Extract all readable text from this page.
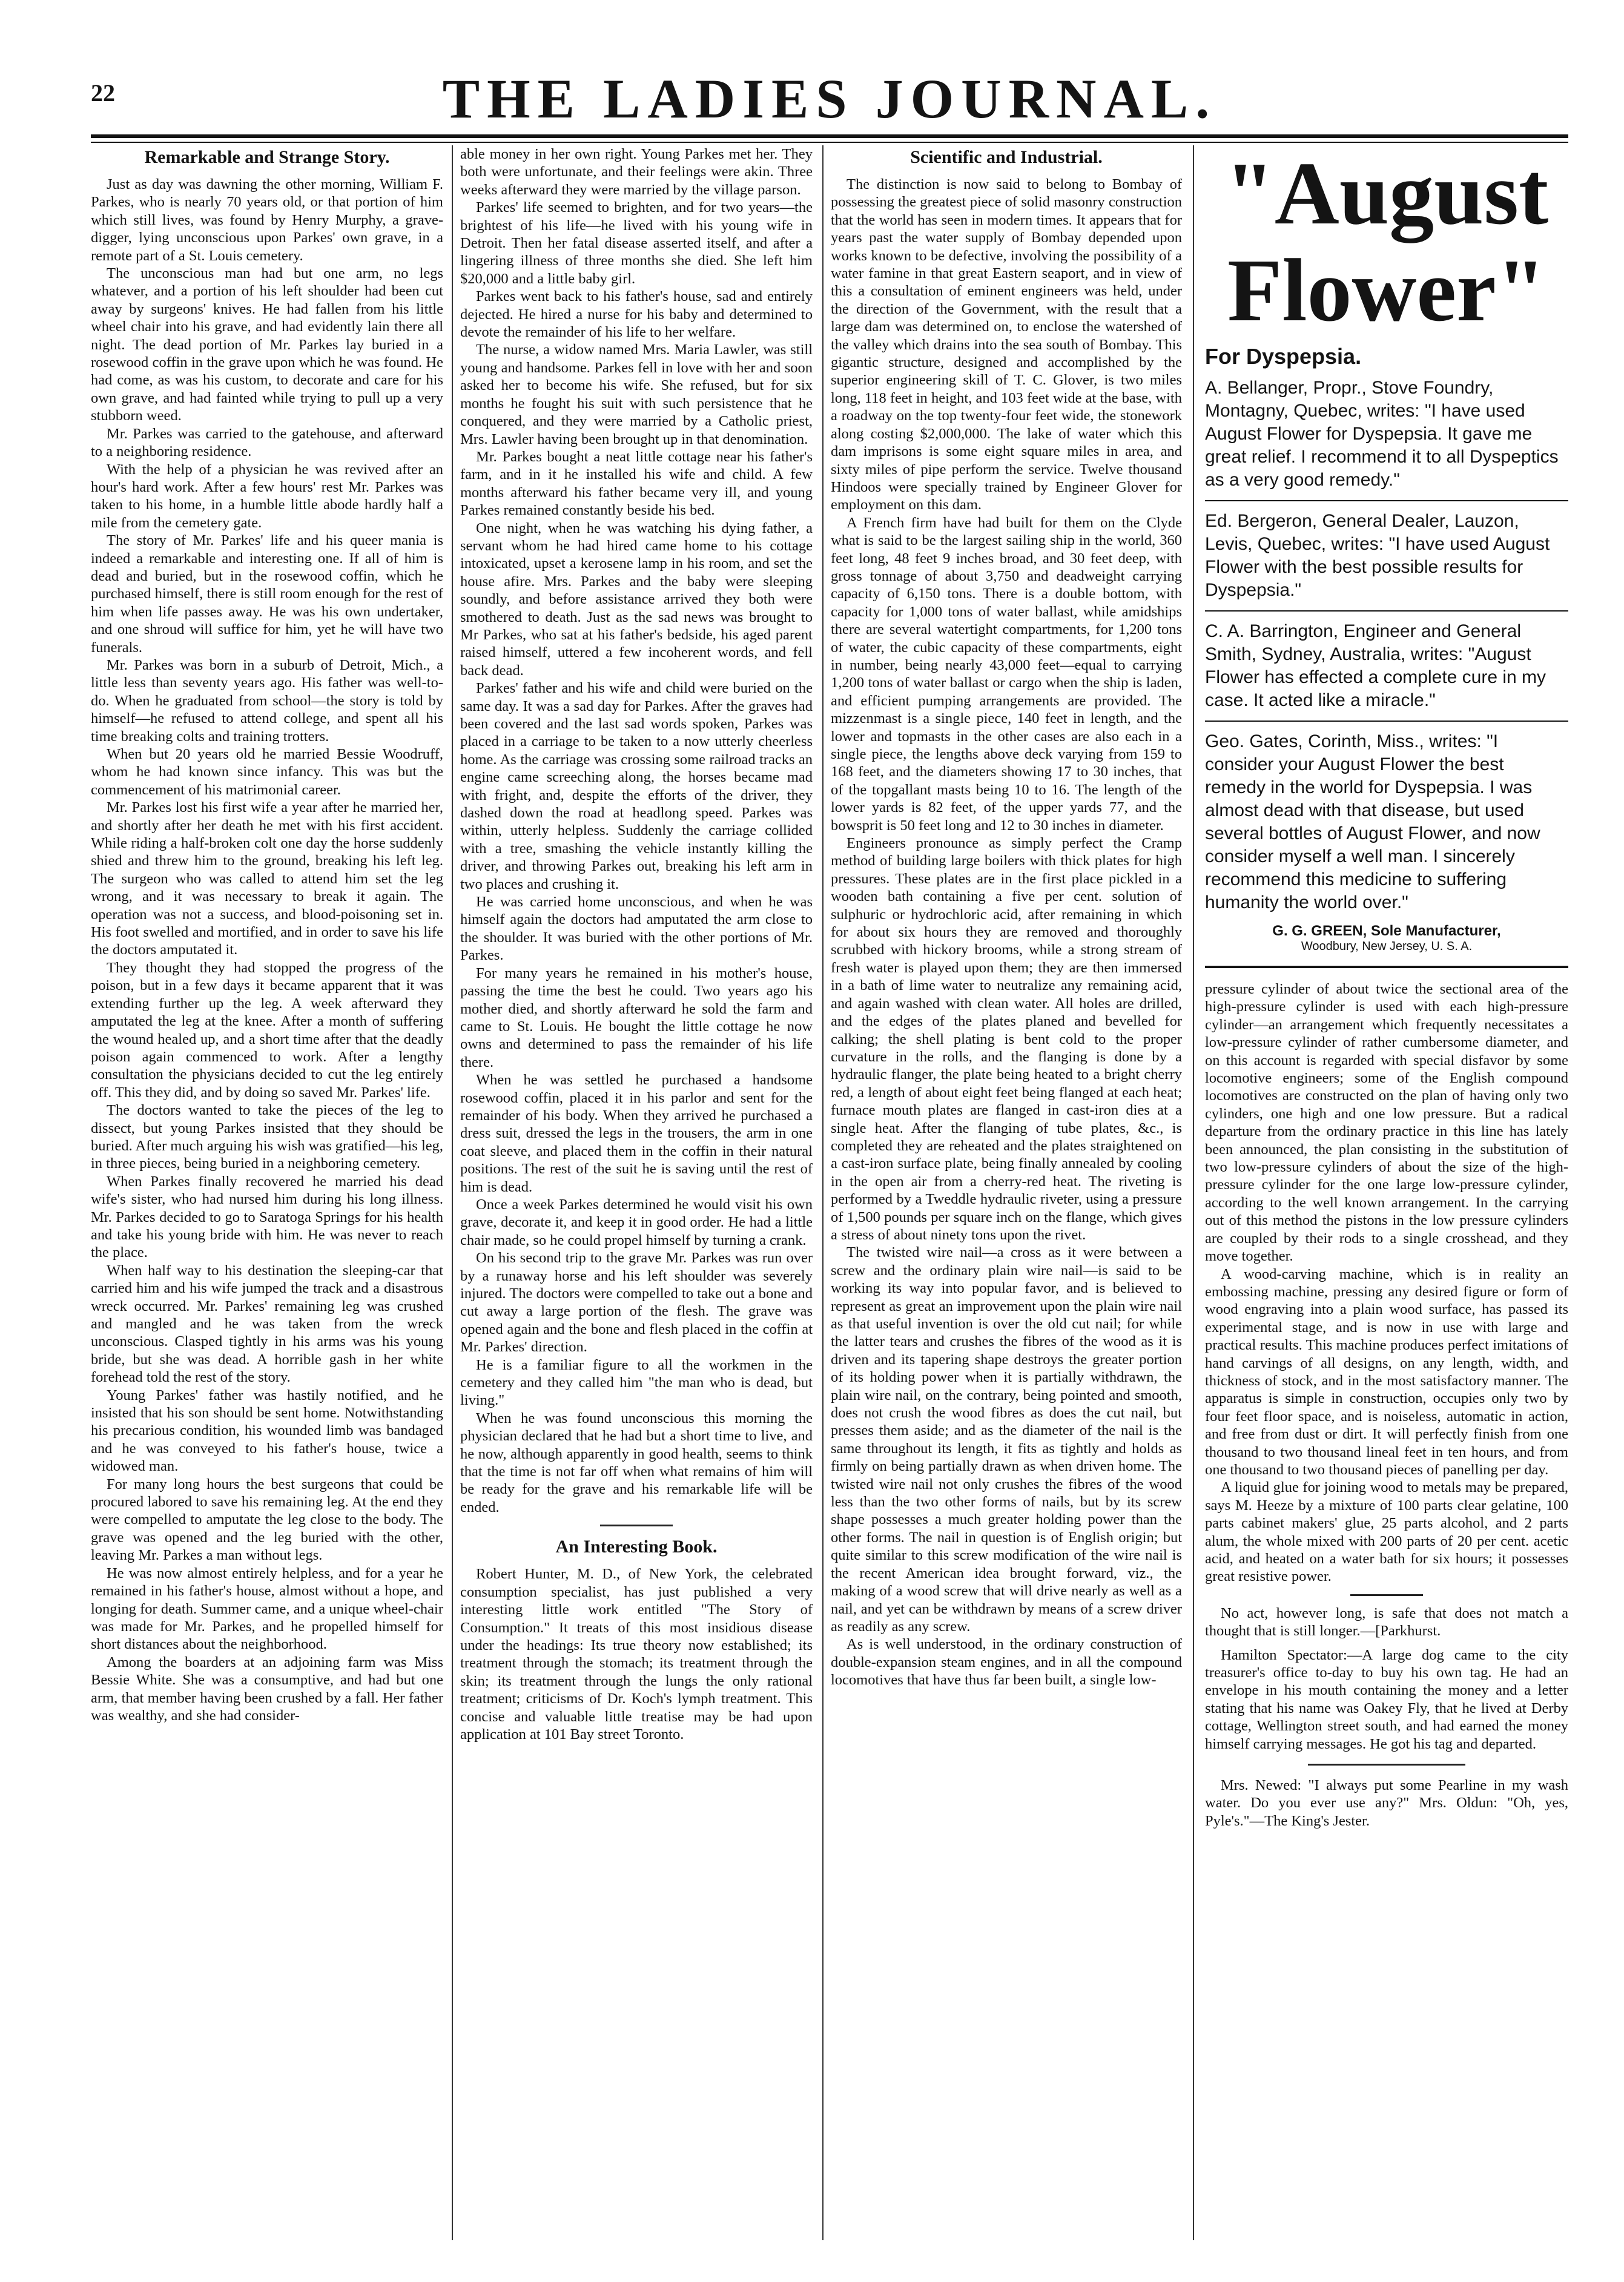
22	THE LADIES JOURNAL.
Remarkable and Strange Story.

Just as day was dawning the other morning, William F. Parkes, who is nearly 70 years old, or that portion of him which still lives, was found by Henry Murphy, a grave-digger, lying unconscious upon Parkes' own grave, in a remote part of a St. Louis cemetery.

The unconscious man had but one arm, no legs whatever, and a portion of his left shoulder had been cut away by surgeons' knives. He had fallen from his little wheel chair into his grave, and had evidently lain there all night. The dead portion of Mr. Parkes lay buried in a rosewood coffin in the grave upon which he was found. He had come, as was his custom, to decorate and care for his own grave, and had fainted while trying to pull up a very stubborn weed.

Mr. Parkes was carried to the gatehouse, and afterward to a neighboring residence.

With the help of a physician he was revived after an hour's hard work. After a few hours' rest Mr. Parkes was taken to his home, in a humble little abode hardly half a mile from the cemetery gate.

The story of Mr. Parkes' life and his queer mania is indeed a remarkable and interesting one. If all of him is dead and buried, but in the rosewood coffin, which he purchased himself, there is still room enough for the rest of him when life passes away. He was his own undertaker, and one shroud will suffice for him, yet he will have two funerals.

Mr. Parkes was born in a suburb of Detroit, Mich., a little less than seventy years ago. His father was well-to-do. When he graduated from school—the story is told by himself—he refused to attend college, and spent all his time breaking colts and training trotters.

When but 20 years old he married Bessie Woodruff, whom he had known since infancy. This was but the commencement of his matrimonial career.

Mr. Parkes lost his first wife a year after he married her, and shortly after her death he met with his first accident. While riding a half-broken colt one day the horse suddenly shied and threw him to the ground, breaking his left leg. The surgeon who was called to attend him set the leg wrong, and it was necessary to break it again. The operation was not a success, and blood-poisoning set in. His foot swelled and mortified, and in order to save his life the doctors amputated it.

They thought they had stopped the progress of the poison, but in a few days it became apparent that it was extending further up the leg. A week afterward they amputated the leg at the knee. After a month of suffering the wound healed up, and a short time after that the deadly poison again commenced to work. After a lengthy consultation the physicians decided to cut the leg entirely off. This they did, and by doing so saved Mr. Parkes' life.

The doctors wanted to take the pieces of the leg to dissect, but young Parkes insisted that they should be buried. After much arguing his wish was gratified—his leg, in three pieces, being buried in a neighboring cemetery.

When Parkes finally recovered he married his dead wife's sister, who had nursed him during his long illness. Mr. Parkes decided to go to Saratoga Springs for his health and take his young bride with him. He was never to reach the place.

When half way to his destination the sleeping-car that carried him and his wife jumped the track and a disastrous wreck occurred. Mr. Parkes' remaining leg was crushed and mangled and he was taken from the wreck unconscious. Clasped tightly in his arms was his young bride, but she was dead. A horrible gash in her white forehead told the rest of the story.

Young Parkes' father was hastily notified, and he insisted that his son should be sent home. Notwithstanding his precarious condition, his wounded limb was bandaged and he was conveyed to his father's house, twice a widowed man.

For many long hours the best surgeons that could be procured labored to save his remaining leg. At the end they were compelled to amputate the leg close to the body. The grave was opened and the leg buried with the other, leaving Mr. Parkes a man without legs.

He was now almost entirely helpless, and for a year he remained in his father's house, almost without a hope, and longing for death. Summer came, and a unique wheel-chair was made for Mr. Parkes, and he propelled himself for short distances about the neighborhood.

Among the boarders at an adjoining farm was Miss Bessie White. She was a consumptive, and had but one arm, that member having been crushed by a fall. Her father was wealthy, and she had consider-

able money in her own right. Young Parkes met her. They both were unfortunate, and their feelings were akin. Three weeks afterward they were married by the village parson.

Parkes' life seemed to brighten, and for two years—the brightest of his life—he lived with his young wife in Detroit. Then her fatal disease asserted itself, and after a lingering illness of three months she died. She left him $20,000 and a little baby girl.

Parkes went back to his father's house, sad and entirely dejected. He hired a nurse for his baby and determined to devote the remainder of his life to her welfare.

The nurse, a widow named Mrs. Maria Lawler, was still young and handsome. Parkes fell in love with her and soon asked her to become his wife. She refused, but for six months he fought his suit with such persistence that he conquered, and they were married by a Catholic priest, Mrs. Lawler having been brought up in that denomination.

Mr. Parkes bought a neat little cottage near his father's farm, and in it he installed his wife and child. A few months afterward his father became very ill, and young Parkes remained constantly beside his bed.

One night, when he was watching his dying father, a servant whom he had hired came home to his cottage intoxicated, upset a kerosene lamp in his room, and set the house afire. Mrs. Parkes and the baby were sleeping soundly, and before assistance arrived they both were smothered to death. Just as the sad news was brought to Mr Parkes, who sat at his father's bedside, his aged parent raised himself, uttered a few incoherent words, and fell back dead.

Parkes' father and his wife and child were buried on the same day. It was a sad day for Parkes. After the graves had been covered and the last sad words spoken, Parkes was placed in a carriage to be taken to a now utterly cheerless home. As the carriage was crossing some railroad tracks an engine came screeching along, the horses became mad with fright, and, despite the efforts of the driver, they dashed down the road at headlong speed. Parkes was within, utterly helpless. Suddenly the carriage collided with a tree, smashing the vehicle instantly killing the driver, and throwing Parkes out, breaking his left arm in two places and crushing it.

He was carried home unconscious, and when he was himself again the doctors had amputated the arm close to the shoulder. It was buried with the other portions of Mr. Parkes.

For many years he remained in his mother's house, passing the time the best he could. Two years ago his mother died, and shortly afterward he sold the farm and came to St. Louis. He bought the little cottage he now owns and determined to pass the remainder of his life there.

When he was settled he purchased a handsome rosewood coffin, placed it in his parlor and sent for the remainder of his body. When they arrived he purchased a dress suit, dressed the legs in the trousers, the arm in one coat sleeve, and placed them in the coffin in their natural positions. The rest of the suit he is saving until the rest of him is dead.

Once a week Parkes determined he would visit his own grave, decorate it, and keep it in good order. He had a little chair made, so he could propel himself by turning a crank.

On his second trip to the grave Mr. Parkes was run over by a runaway horse and his left shoulder was severely injured. The doctors were compelled to take out a bone and cut away a large portion of the flesh. The grave was opened again and the bone and flesh placed in the coffin at Mr. Parkes' direction.

He is a familiar figure to all the workmen in the cemetery and they called him "the man who is dead, but living."

When he was found unconscious this morning the physician declared that he had but a short time to live, and he now, although apparently in good health, seems to think that the time is not far off when what remains of him will be ready for the grave and his remarkable life will be ended.

An Interesting Book.

Robert Hunter, M. D., of New York, the celebrated consumption specialist, has just published a very interesting little work entitled "The Story of Consumption." It treats of this most insidious disease under the headings: Its true theory now established; its treatment through the stomach; its treatment through the skin; its treatment through the lungs the only rational treatment; criticisms of Dr. Koch's lymph treatment. This concise and valuable little treatise may be had upon application at 101 Bay street Toronto.

Scientific and Industrial.

The distinction is now said to belong to Bombay of possessing the greatest piece of solid masonry construction that the world has seen in modern times. It appears that for years past the water supply of Bombay depended upon works known to be defective, involving the possibility of a water famine in that great Eastern seaport, and in view of this a consultation of eminent engineers was held, under the direction of the Government, with the result that a large dam was determined on, to enclose the watershed of the valley which drains into the sea south of Bombay. This gigantic structure, designed and accomplished by the superior engineering skill of T. C. Glover, is two miles long, 118 feet in height, and 103 feet wide at the base, with a roadway on the top twenty-four feet wide, the stonework along costing $2,000,000. The lake of water which this dam imprisons is some eight square miles in area, and sixty miles of pipe perform the service. Twelve thousand Hindoos were specially trained by Engineer Glover for employment on this dam.

A French firm have had built for them on the Clyde what is said to be the largest sailing ship in the world, 360 feet long, 48 feet 9 inches broad, and 30 feet deep, with gross tonnage of about 3,750 and deadweight carrying capacity of 6,150 tons. There is a double bottom, with capacity for 1,000 tons of water ballast, while amidships there are several watertight compartments, for 1,200 tons of water, the cubic capacity of these compartments, eight in number, being nearly 43,000 feet—equal to carrying 1,200 tons of water ballast or cargo when the ship is laden, and efficient pumping arrangements are provided. The mizzenmast is a single piece, 140 feet in length, and the lower and topmasts in the other cases are also each in a single piece, the lengths above deck varying from 159 to 168 feet, and the diameters showing 17 to 30 inches, that of the topgallant masts being 10 to 16. The length of the lower yards is 82 feet, of the upper yards 77, and the bowsprit is 50 feet long and 12 to 30 inches in diameter.

Engineers pronounce as simply perfect the Cramp method of building large boilers with thick plates for high pressures. These plates are in the first place pickled in a wooden bath containing a five per cent. solution of sulphuric or hydrochloric acid, after remaining in which for about six hours they are removed and thoroughly scrubbed with hickory brooms, while a strong stream of fresh water is played upon them; they are then immersed in a bath of lime water to neutralize any remaining acid, and again washed with clean water. All holes are drilled, and the edges of the plates planed and bevelled for calking; the shell plating is bent cold to the proper curvature in the rolls, and the flanging is done by a hydraulic flanger, the plate being heated to a bright cherry red, a length of about eight feet being flanged at each heat; furnace mouth plates are flanged in cast-iron dies at a single heat. After the flanging of tube plates, &c., is completed they are reheated and the plates straightened on a cast-iron surface plate, being finally annealed by cooling in the open air from a cherry-red heat. The riveting is performed by a Tweddle hydraulic riveter, using a pressure of 1,500 pounds per square inch on the flange, which gives a stress of about ninety tons upon the rivet.

The twisted wire nail—a cross as it were between a screw and the ordinary plain wire nail—is said to be working its way into popular favor, and is believed to represent as great an improvement upon the plain wire nail as that useful invention is over the old cut nail; for while the latter tears and crushes the fibres of the wood as it is driven and its tapering shape destroys the greater portion of its holding power when it is partially withdrawn, the plain wire nail, on the contrary, being pointed and smooth, does not crush the wood fibres as does the cut nail, but presses them aside; and as the diameter of the nail is the same throughout its length, it fits as tightly and holds as firmly on being partially drawn as when driven home. The twisted wire nail not only crushes the fibres of the wood less than the two other forms of nails, but by its screw shape possesses a much greater holding power than the other forms. The nail in question is of English origin; but quite similar to this screw modification of the wire nail is the recent American idea brought forward, viz., the making of a wood screw that will drive nearly as well as a nail, and yet can be withdrawn by means of a screw driver as readily as any screw.

As is well understood, in the ordinary construction of double-expansion steam engines, and in all the compound locomotives that have thus far been built, a single low-

"August
Flower"
For Dyspepsia.

A. Bellanger, Propr., Stove Foundry, Montagny, Quebec, writes: "I have used August Flower for Dyspepsia. It gave me great relief. I recommend it to all Dyspeptics as a very good remedy."

Ed. Bergeron, General Dealer, Lauzon, Levis, Quebec, writes: "I have used August Flower with the best possible results for Dyspepsia."

C. A. Barrington, Engineer and General Smith, Sydney, Australia, writes: "August Flower has effected a complete cure in my case. It acted like a miracle."

Geo. Gates, Corinth, Miss., writes: "I consider your August Flower the best remedy in the world for Dyspepsia. I was almost dead with that disease, but used several bottles of August Flower, and now consider myself a well man. I sincerely recommend this medicine to suffering humanity the world over."

G. G. GREEN, Sole Manufacturer,
Woodbury, New Jersey, U. S. A.

pressure cylinder of about twice the sectional area of the high-pressure cylinder is used with each high-pressure cylinder—an arrangement which frequently necessitates a low-pressure cylinder of rather cumbersome diameter, and on this account is regarded with special disfavor by some locomotive engineers; some of the English compound locomotives are constructed on the plan of having only two cylinders, one high and one low pressure. But a radical departure from the ordinary practice in this line has lately been announced, the plan consisting in the substitution of two low-pressure cylinders of about the size of the high-pressure cylinder for the one large low-pressure cylinder, according to the well known arrangement. In the carrying out of this method the pistons in the low pressure cylinders are coupled by their rods to a single crosshead, and they move together.

A wood-carving machine, which is in reality an embossing machine, pressing any desired figure or form of wood engraving into a plain wood surface, has passed its experimental stage, and is now in use with large and practical results. This machine produces perfect imitations of hand carvings of all designs, on any length, width, and thickness of stock, and in the most satisfactory manner. The apparatus is simple in construction, occupies only two by four feet floor space, and is noiseless, automatic in action, and free from dust or dirt. It will perfectly finish from one thousand to two thousand lineal feet in ten hours, and from one thousand to two thousand pieces of panelling per day.

A liquid glue for joining wood to metals may be prepared, says M. Heeze by a mixture of 100 parts clear gelatine, 100 parts cabinet makers' glue, 25 parts alcohol, and 2 parts alum, the whole mixed with 200 parts of 20 per cent. acetic acid, and heated on a water bath for six hours; it possesses great resistive power.

No act, however long, is safe that does not match a thought that is still longer.—[Parkhurst.

Hamilton Spectator:—A large dog came to the city treasurer's office to-day to buy his own tag. He had an envelope in his mouth containing the money and a letter stating that his name was Oakey Fly, that he lived at Derby cottage, Wellington street south, and had earned the money himself carrying messages. He got his tag and departed.

Mrs. Newed: "I always put some Pearline in my wash water. Do you ever use any?" Mrs. Oldun: "Oh, yes, Pyle's."—The King's Jester.
